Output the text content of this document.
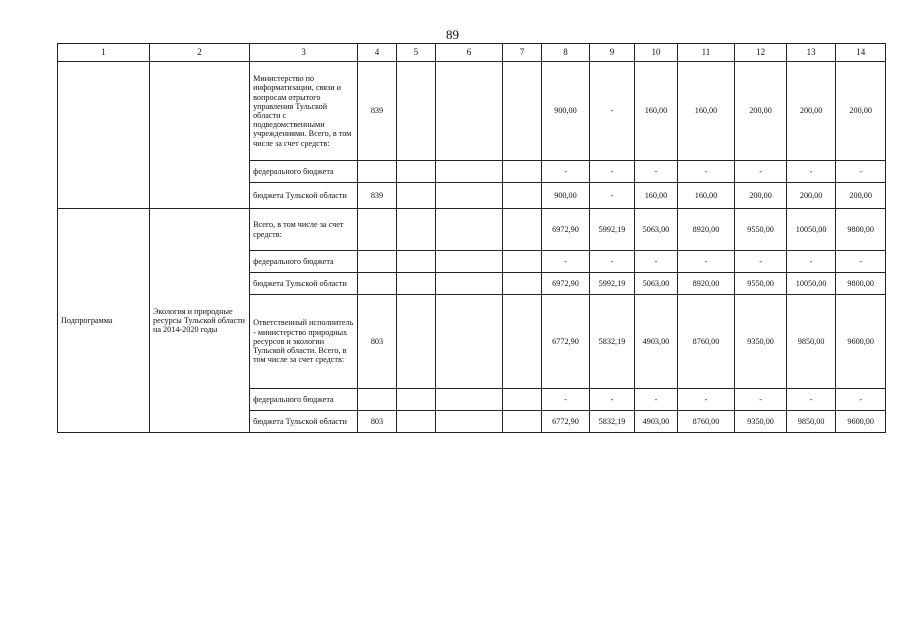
89
1	2	3	4	5	6	7	8	9	10	11	12	13	14
		Министерство по информатизации, связи и вопросам отрытого управления Тульской области с подведомственными учреждениями. Всего, в том числе за счет средств:	839				900,00	-	160,00	160,00	200,00	200,00	200,00
		федерального бюджета					-	-	-	-	-	-	-
		бюджета Тульской области	839				900,00	-	160,00	160,00	200,00	200,00	200,00
Подпрограмма	Экология и природные ресурсы Тульской области на 2014-2020 годы	Всего, в том числе за счет средств:					6972,90	5992,19	5063,00	8920,00	9550,00	10050,00	9800,00
		федерального бюджета					-	-	-	-	-	-	-
		бюджета Тульской области					6972,90	5992,19	5063,00	8920,00	9550,00	10050,00	9800,00
		Ответственный исполнитель - министерство природных ресурсов и экологии Тульской области. Всего, в том числе за счет средств:	803				6772,90	5832,19	4903,00	8760,00	9350,00	9850,00	9600,00
		федерального бюджета					-	-	-	-	-	-	-
		бюджета Тульской области	803				6772,90	5832,19	4903,00	8760,00	9350,00	9850,00	9600,00
